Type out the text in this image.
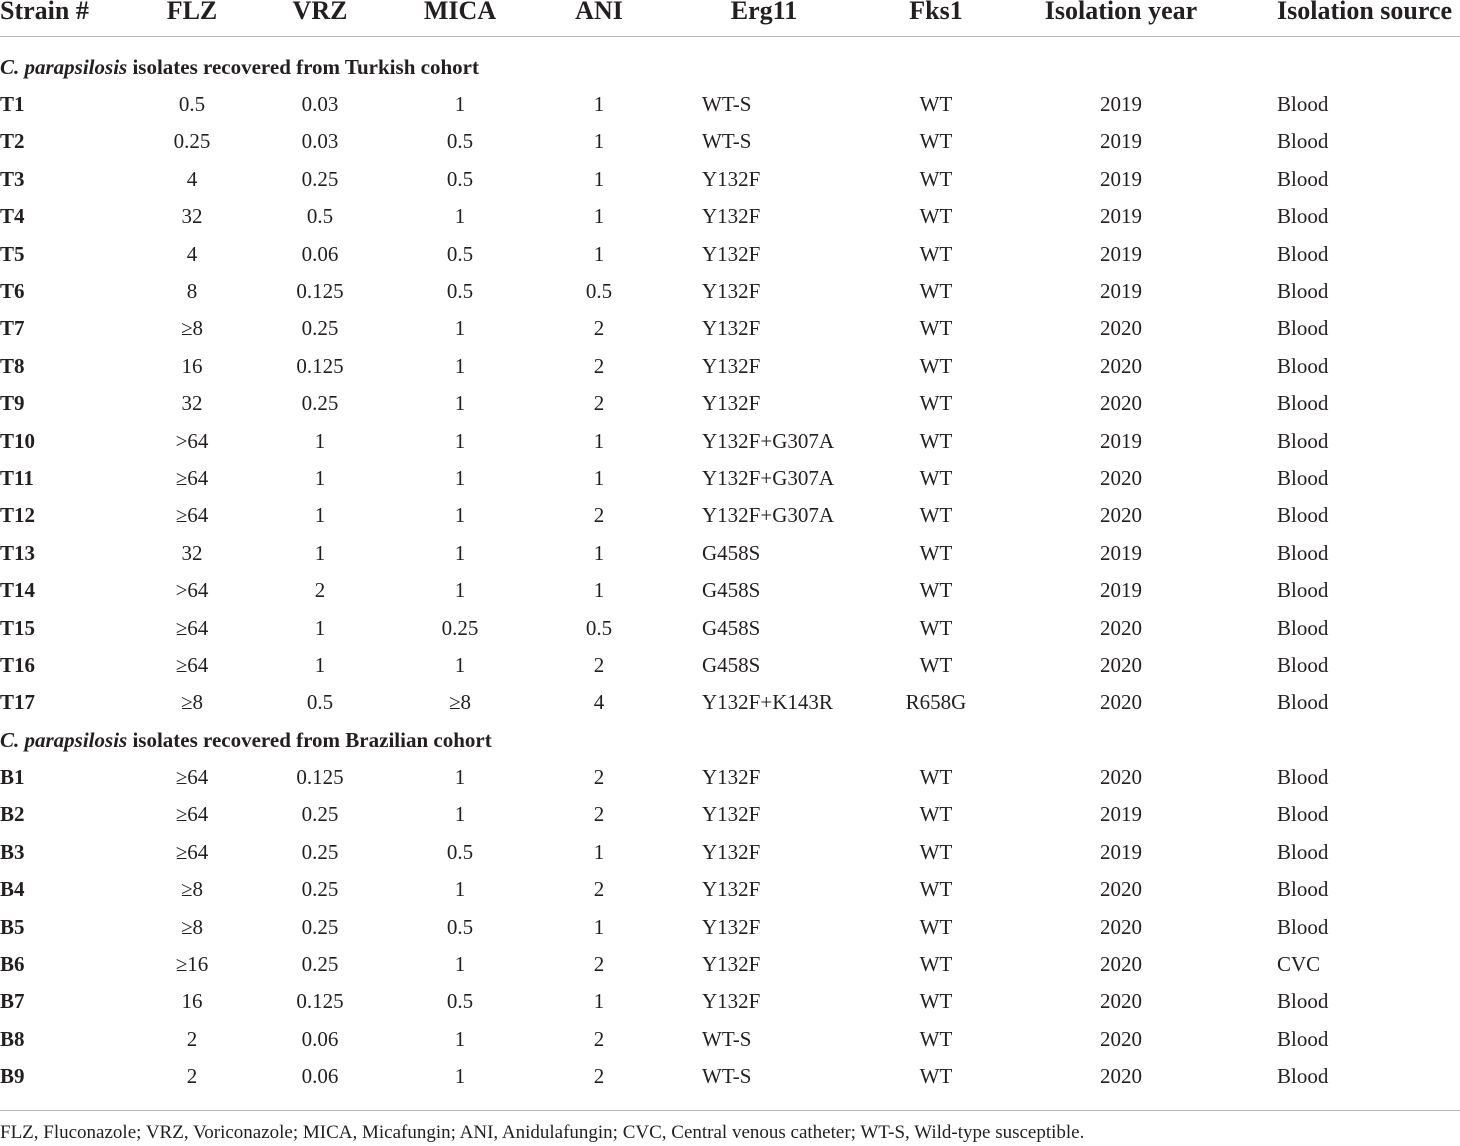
Strain #	FLZ	VRZ	MICA	ANI	Erg11	Fks1	Isolation year	Isolation source
C. parapsilosis isolates recovered from Turkish cohort
T1	0.5	0.03	1	1	WT-S	WT	2019	Blood
T2	0.25	0.03	0.5	1	WT-S	WT	2019	Blood
T3	4	0.25	0.5	1	Y132F	WT	2019	Blood
T4	32	0.5	1	1	Y132F	WT	2019	Blood
T5	4	0.06	0.5	1	Y132F	WT	2019	Blood
T6	8	0.125	0.5	0.5	Y132F	WT	2019	Blood
T7	≥8	0.25	1	2	Y132F	WT	2020	Blood
T8	16	0.125	1	2	Y132F	WT	2020	Blood
T9	32	0.25	1	2	Y132F	WT	2020	Blood
T10	>64	1	1	1	Y132F+G307A	WT	2019	Blood
T11	≥64	1	1	1	Y132F+G307A	WT	2020	Blood
T12	≥64	1	1	2	Y132F+G307A	WT	2020	Blood
T13	32	1	1	1	G458S	WT	2019	Blood
T14	>64	2	1	1	G458S	WT	2019	Blood
T15	≥64	1	0.25	0.5	G458S	WT	2020	Blood
T16	≥64	1	1	2	G458S	WT	2020	Blood
T17	≥8	0.5	≥8	4	Y132F+K143R	R658G	2020	Blood
C. parapsilosis isolates recovered from Brazilian cohort
B1	≥64	0.125	1	2	Y132F	WT	2020	Blood
B2	≥64	0.25	1	2	Y132F	WT	2019	Blood
B3	≥64	0.25	0.5	1	Y132F	WT	2019	Blood
B4	≥8	0.25	1	2	Y132F	WT	2020	Blood
B5	≥8	0.25	0.5	1	Y132F	WT	2020	Blood
B6	≥16	0.25	1	2	Y132F	WT	2020	CVC
B7	16	0.125	0.5	1	Y132F	WT	2020	Blood
B8	2	0.06	1	2	WT-S	WT	2020	Blood
B9	2	0.06	1	2	WT-S	WT	2020	Blood
FLZ, Fluconazole; VRZ, Voriconazole; MICA, Micafungin; ANI, Anidulafungin; CVC, Central venous catheter; WT-S, Wild-type susceptible.
